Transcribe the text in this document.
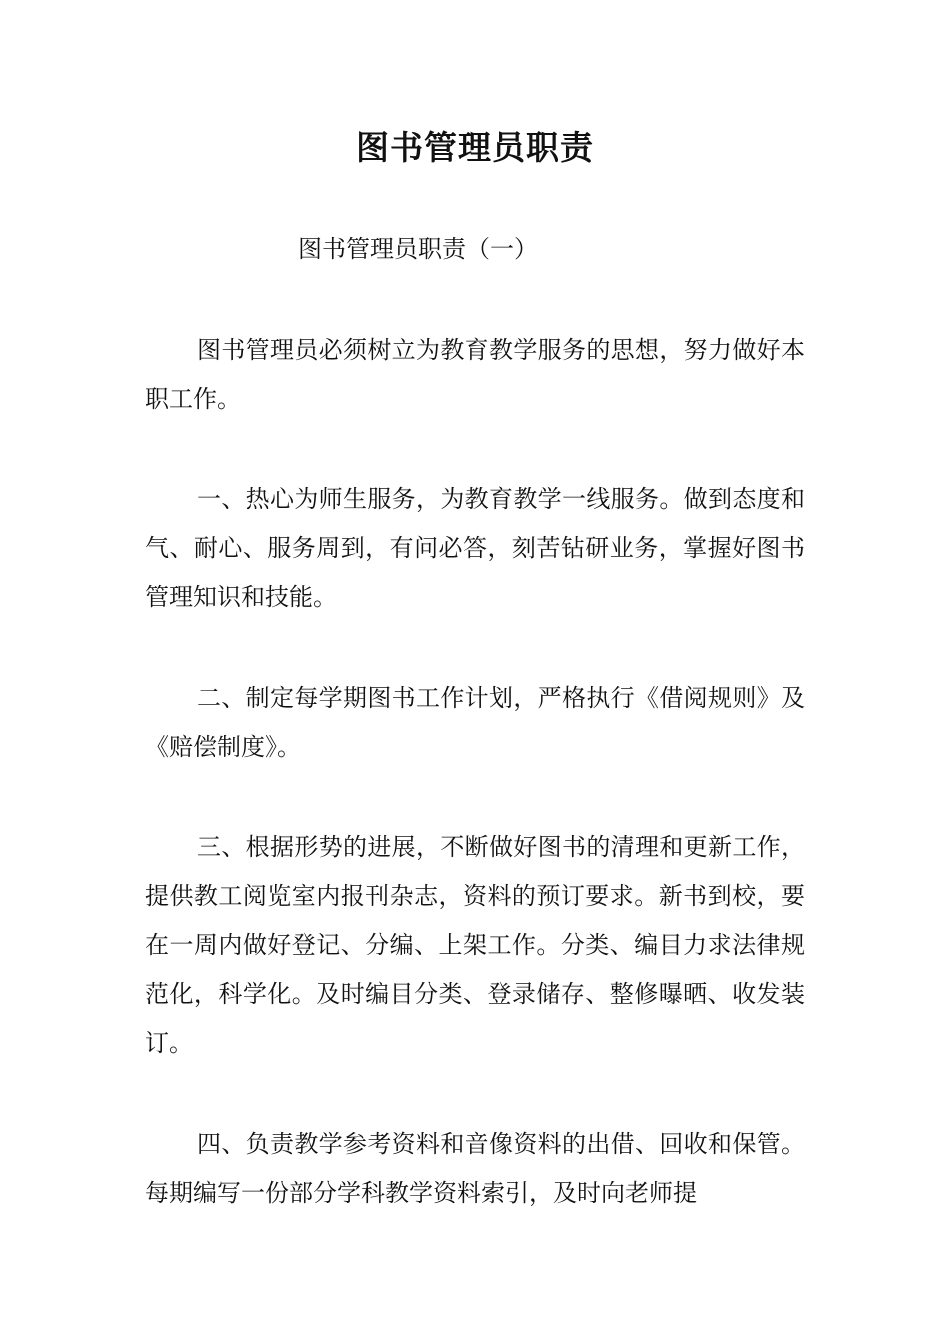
图书管理员职责

图书管理员职责（一）

图书管理员必须树立为教育教学服务的思想，努力做好本职工作。

一、热心为师生服务，为教育教学一线服务。做到态度和气、耐心、服务周到，有问必答，刻苦钻研业务，掌握好图书管理知识和技能。

二、制定每学期图书工作计划，严格执行《借阅规则》及《赔偿制度》。

三、根据形势的进展，不断做好图书的清理和更新工作，提供教工阅览室内报刊杂志，资料的预订要求。新书到校，要在一周内做好登记、分编、上架工作。分类、编目力求法律规范化，科学化。及时编目分类、登录储存、整修曝晒、收发装订。

四、负责教学参考资料和音像资料的出借、回收和保管。每期编写一份部分学科教学资料索引，及时向老师提
